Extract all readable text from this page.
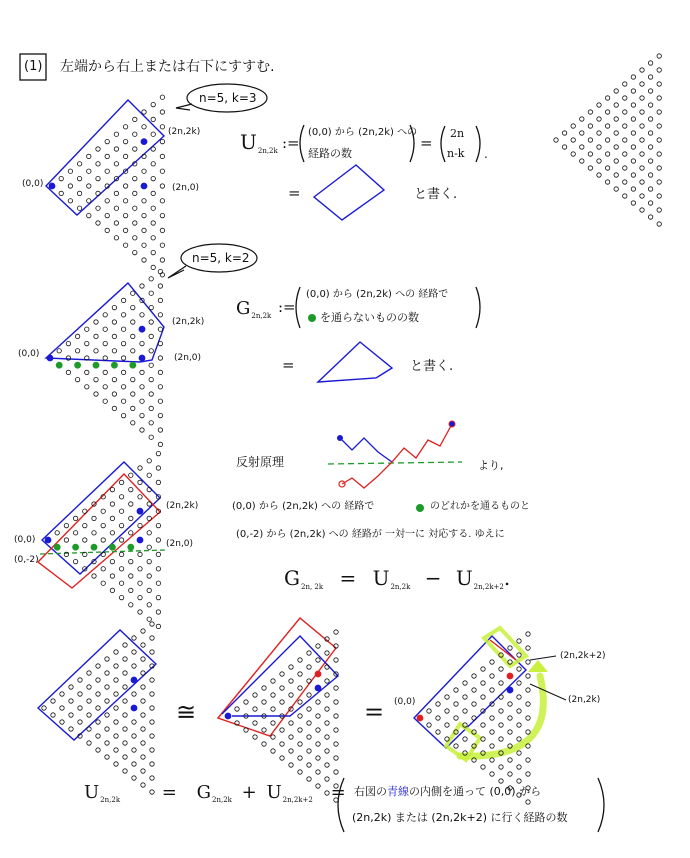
(1) 左端から右上または右下にすすむ.
n=5, k=3
(2n,2k)
(0,0)	(2n,0)
$U_{2n,2k}$ :=
(0,0) から (2n,2k) への
経路の数
=
2n
n-k .
=	と書く.
n=5, k=2
(2n,2k)
(0,0)	(2n,0)
$G_{2n,2k}$ :=
(0,0) から (2n,2k) への 経路で
を通らないものの数
=	と書く.
(2n,2k)
(0,0)	(2n,0)
(0,-2)
反射原理	より,
(0,0) から (2n,2k) への 経路で	のどれかを通るものと
(0,-2) から (2n,2k) への 経路が 一対一に 対応する. ゆえに
$G_{2n, 2k} = U_{2n,2k} - U_{2n,2k+2}$.
≅	= (0,0)
(2n,2k+2)
(2n,2k)
$U_{2n,2k} = G_{2n,2k} + U_{2n,2k+2}$ = 右図の青線の内側を通って (0,0) から
(2n,2k) または (2n,2k+2) に行く経路の数
